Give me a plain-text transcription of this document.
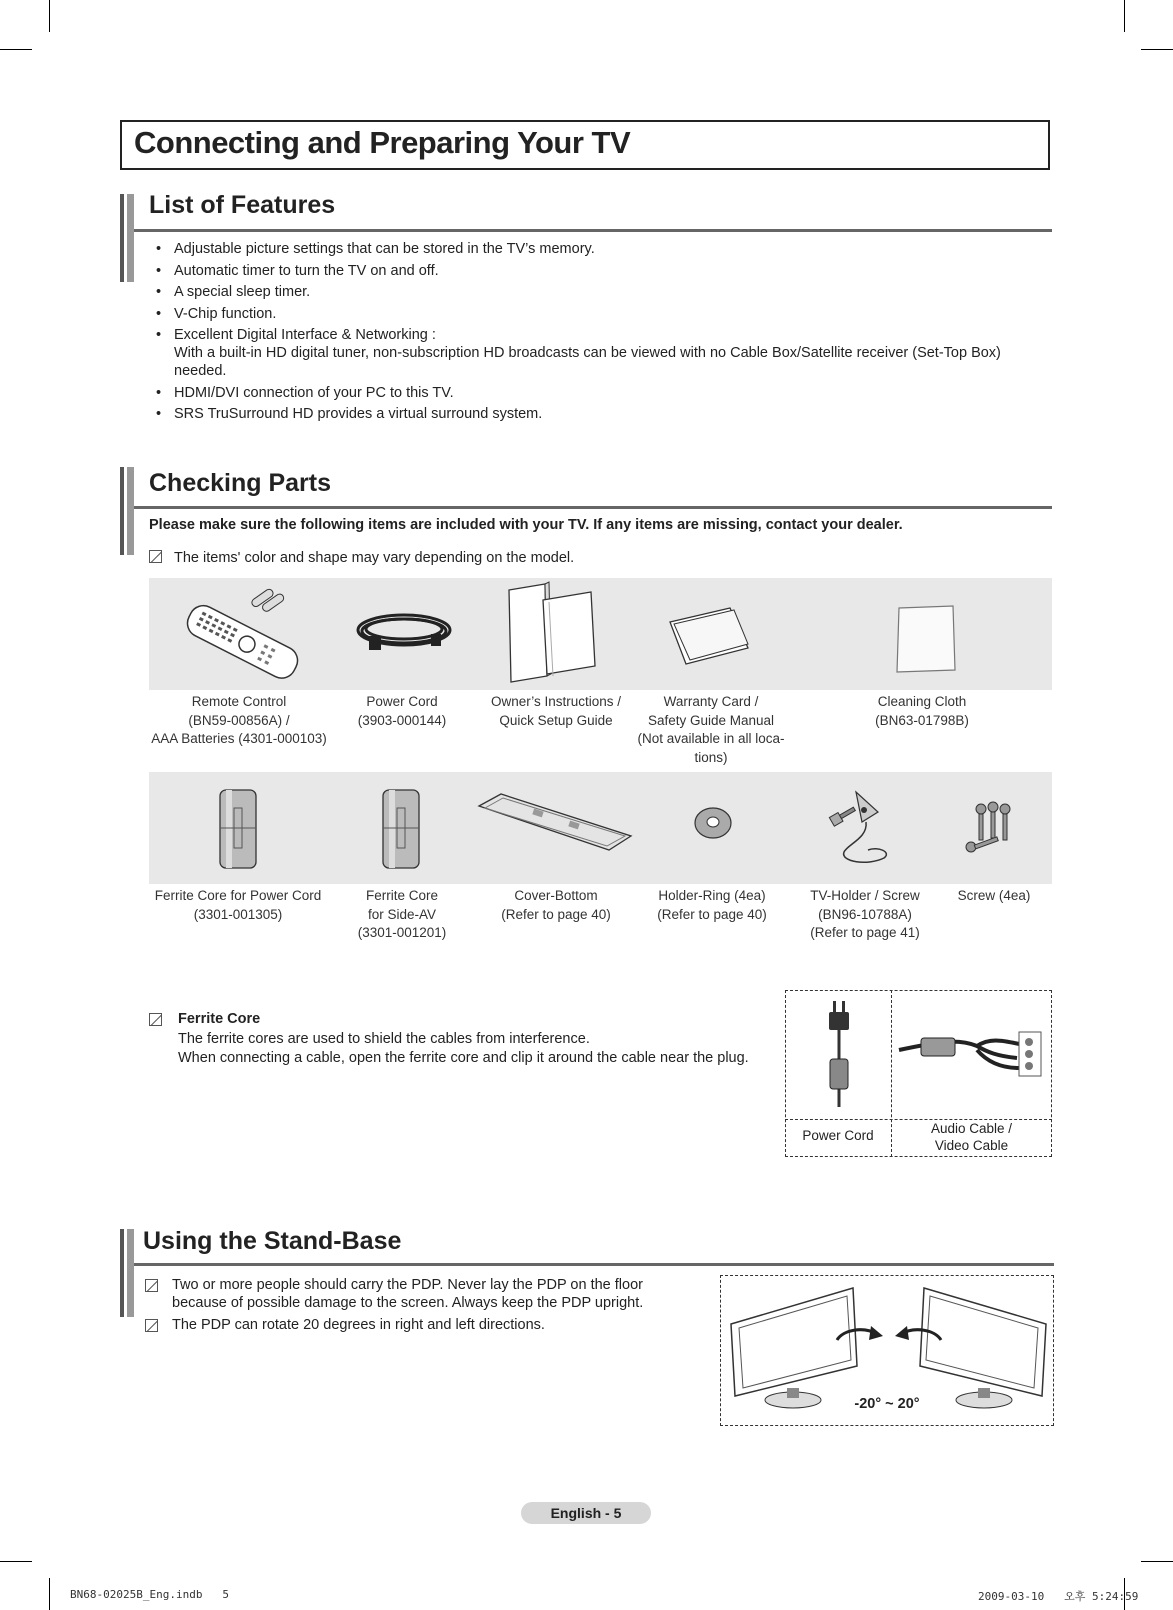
Connecting and Preparing Your TV
List of Features
• Adjustable picture settings that can be stored in the TV’s memory.
• Automatic timer to turn the TV on and off.
• A special sleep timer.
• V-Chip function.
• Excellent Digital Interface & Networking :
With a built-in HD digital tuner, non-subscription HD broadcasts can be viewed with no Cable Box/Satellite receiver (Set-Top Box) needed.
• HDMI/DVI connection of your PC to this TV.
• SRS TruSurround HD provides a virtual surround system.
Checking Parts
Please make sure the following items are included with your TV. If any items are missing, contact your dealer.
The items' color and shape may vary depending on the model.
Remote Control
(BN59-00856A) /
AAA Batteries (4301-000103)
Power Cord
(3903-000144)
Owner’s Instructions /
Quick Setup Guide
Warranty Card /
Safety Guide Manual
(Not available in all loca-
tions)
Cleaning Cloth
(BN63-01798B)
Ferrite Core for Power Cord
(3301-001305)
Ferrite Core
for Side-AV
(3301-001201)
Cover-Bottom
(Refer to page 40)
Holder-Ring (4ea)
(Refer to page 40)
TV-Holder / Screw
(BN96-10788A)
(Refer to page 41)
Screw (4ea)
Ferrite Core
The ferrite cores are used to shield the cables from interference.
When connecting a cable, open the ferrite core and clip it around the cable near the plug.
Power Cord	Audio Cable /
Video Cable
Using the Stand-Base
Two or more people should carry the PDP. Never lay the PDP on the floor
because of possible damage to the screen. Always keep the PDP upright.
The PDP can rotate 20 degrees in right and left directions.
-20° ~ 20°
English - 5
BN68-02025B_Eng.indb   5	2009-03-10   오후 5:24:59
